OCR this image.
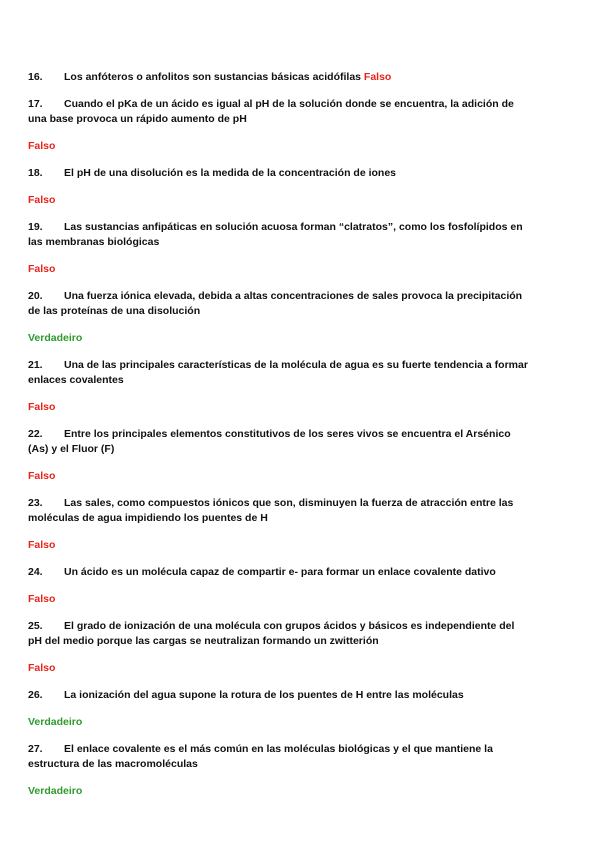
16. Los anfóteros o anfolitos son sustancias básicas acidófilas Falso

17. Cuando el pKa de un ácido es igual al pH de la solución donde se encuentra, la adición de una base provoca un rápido aumento de pH

Falso

18. El pH de una disolución es la medida de la concentración de iones

Falso

19. Las sustancias anfipáticas en solución acuosa forman “clatratos”, como los fosfolípidos en las membranas biológicas

Falso

20. Una fuerza iónica elevada, debida a altas concentraciones de sales provoca la precipitación de las proteínas de una disolución

Verdadeiro

21. Una de las principales características de la molécula de agua es su fuerte tendencia a formar enlaces covalentes

Falso

22. Entre los principales elementos constitutivos de los seres vivos se encuentra el Arsénico (As) y el Fluor (F)

Falso

23. Las sales, como compuestos iónicos que son, disminuyen la fuerza de atracción entre las moléculas de agua impidiendo los puentes de H

Falso

24. Un ácido es un molécula capaz de compartir e- para formar un enlace covalente dativo

Falso

25. El grado de ionización de una molécula con grupos ácidos y básicos es independiente del pH del medio porque las cargas se neutralizan formando un zwitterión

Falso

26. La ionización del agua supone la rotura de los puentes de H entre las moléculas

Verdadeiro

27. El enlace covalente es el más común en las moléculas biológicas y el que mantiene la estructura de las macromoléculas

Verdadeiro
